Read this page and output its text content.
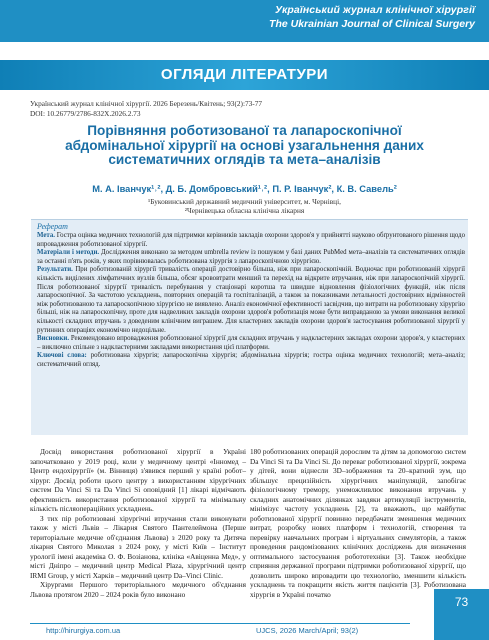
Український журнал клінічної хірургії
The Ukrainian Journal of Clinical Surgery
ОГЛЯДИ ЛІТЕРАТУРИ
Український журнал клінічної хірургії. 2026 Березень/Квітень; 93(2):73-77
DOI: 10.26779/2786-832X.2026.2.73
Порівняння роботизованої та лапароскопічної абдомінальної хірургії на основі узагальнення даних систематичних оглядів та мета–аналізів
М. А. Іванчук¹˒², Д. Б. Домбровський¹˒², П. Р. Іванчук², К. В. Савель²
¹Буковинський державний медичний університет, м. Чернівці,
²Чернівецька обласна клінічна лікарня
Реферат

Мета. Гостра оцінка медичних технологій для підтримки керівників закладів охорони здоров'я у прийнятті науково обґрунтованого рішення щодо впровадження роботизованої хірургії.

Матеріали і методи. Дослідження виконано за методом umbrella review із пошуком у базі даних PubMed мета–аналізів та систематичних оглядів за останні п'ять років, у яких порівнювалась роботизована хірургія з лапароскопічною хірургією.

Результати. При роботизованій хірургії тривалість операції достовірно більша, ніж при лапароскопічній. Водночас при роботизованій хірургії кількість виділених лімфатичних вузлів більша, обсяг крововтрати менший та перехід на відкрите втручання, ніж при лапароскопічній хірургії. Після роботизованої хірургії тривалість перебування у стаціонарі коротша та швидше відновлення фізіологічних функцій, ніж після лапароскопічної. За частотою ускладнень, повторних операцій та госпіталізацій, а також за показниками летальності достовірних відмінностей між роботизованою та лапароскопічною хірургією не виявлено. Аналіз економічної ефективності засвідчив, що витрати на роботизовану хірургію більші, ніж на лапароскопічну, проте для надвеликих закладів охорони здоров'я роботизація може бути виправданою за умови виконання великої кількості складних втручань з доведеним клінічним виграшем. Для кластерних закладів охорони здоров'я застосування роботизованої хірургії у рутинних операціях економічно недоцільне.

Висновки. Рекомендовано впровадження роботизованої хірургії для складних втручань у надкластерних закладах охорони здоров'я, у кластерних – виключно спільне з надкластерними закладами використання цієї платформи.

Ключові слова: роботизована хірургія; лапароскопічна хірургія; абдомінальна хірургія; гостра оцінка медичних технологій; мета–аналіз; систематичний огляд.

Досвід використання роботизованої хірургії в Україні започатковано у 2019 році, коли у медичному центрі «Інномед – Центр ендохірургії» (м. Вінниця) з'явився перший у країні робот–хірург. Досвід роботи цього центру з використанням хірургічних систем Da Vinci Si та Da Vinci Si оповідний [1] лікарі відмічають ефективність використання роботизованої хірургії та мінімальну кількість післяопераційних ускладнень.

З тих пір роботизовані хірургічні втручання стали виконувати також у місті Львів – Лікарня Святого Пантелеймона (Перше територіальне медичне об'єднання Львова) з 2020 року та Дитяча лікарня Святого Миколая з 2024 року, у місті Київ – Інститут урології імені академіка О. Ф. Возіанова, клініка «Авіценна Мед», у місті Дніпро – медичний центр Medical Plaza, хірургічний центр IRMI Group, у місті Харків – медичний центр Da–Vinci Clinic.

Хірургами Першого територіального медичного об'єднання Львова протягом 2020 – 2024 років було виконано

180 роботизованих операцій дорослим та дітям за допомогою систем Da Vinci Si та Da Vinci Si. До переваг роботизованої хірургії, зокрема у дітей, вони віднесли 3D–зображення та 20–кратний зум, що збільшує прецизійність хірургічних маніпуляцій, запобігає фізіологічному тремору, унеможливлює виконання втручань у складних анатомічних ділянках завдяки артикуляції інструментів, мінімізує частоту ускладнень [2], та вважають, що майбутнє роботизованої хірургії повинно передбачати зменшення медичних витрат, розробку нових платформ і технологій, створення та перевірку навчальних програм і віртуальних симуляторів, а також проведення рандомізованих клінічних досліджень для визначення оптимального застосування робототехніки [3]. Також необхідне сприяння державної програми підтримки роботизованої хірургії, що дозволить широко впровадити цю технологію, зменшити кількість ускладнень та покращити якість життя пацієнтів [3]. Роботизована хірургія в Україні початко

http://hirurgiya.com.ua	UJCS, 2026 March/April; 93(2)
73
